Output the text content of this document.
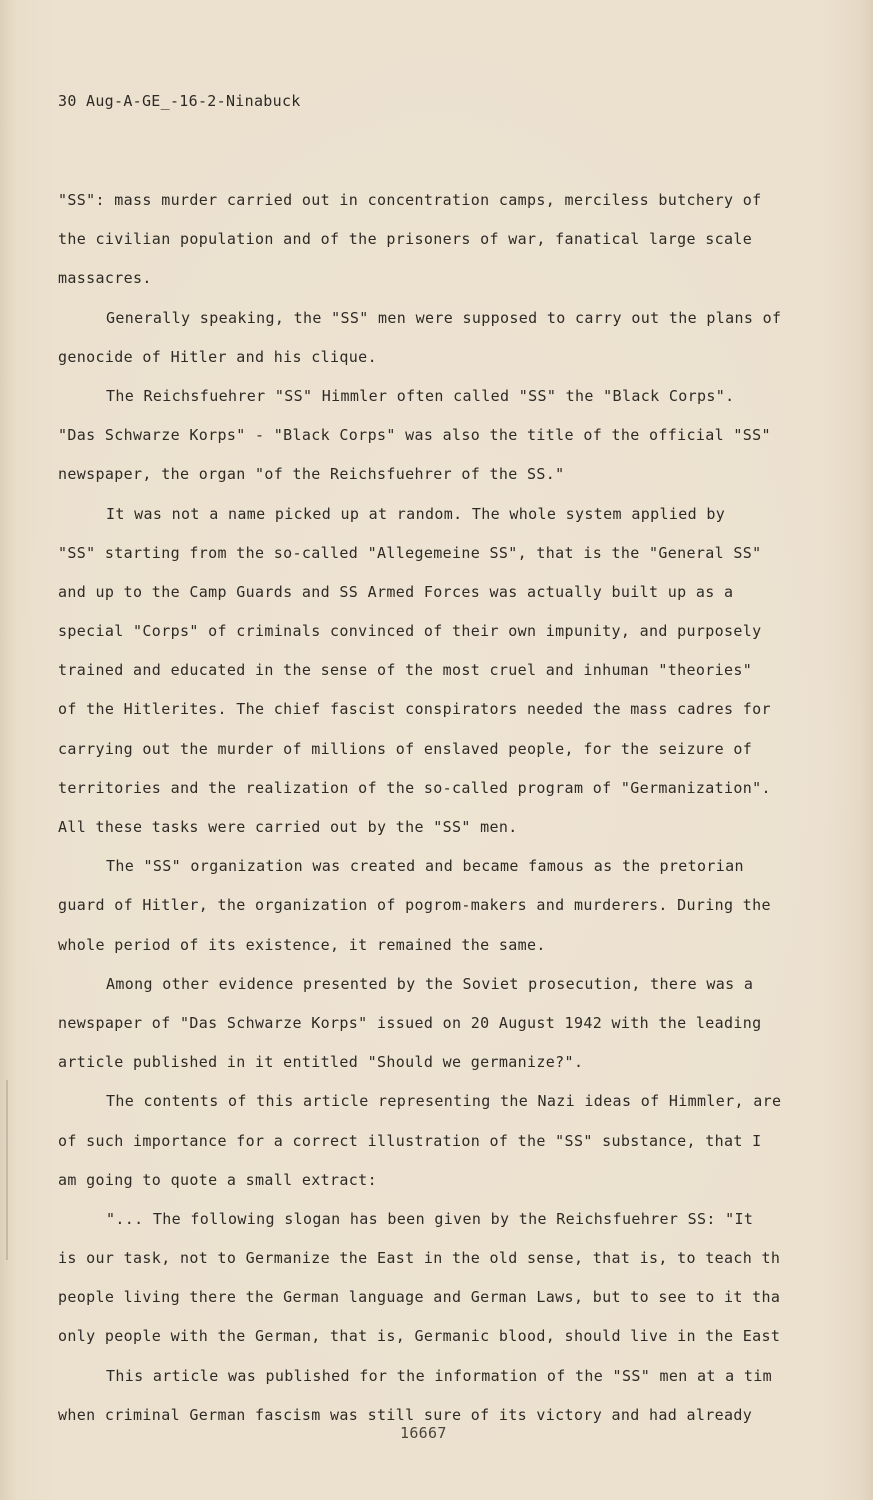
30 Aug-A-GE_-16-2-Ninabuck
"SS": mass murder carried out in concentration camps, merciless butchery of
the civilian population and of the prisoners of war, fanatical large scale
massacres.
Generally speaking, the "SS" men were supposed to carry out the plans of
genocide of Hitler and his clique.
The Reichsfuehrer "SS" Himmler often called "SS" the "Black Corps".
"Das Schwarze Korps" - "Black Corps" was also the title of the official "SS"
newspaper, the organ "of the Reichsfuehrer of the SS."
It was not a name picked up at random. The whole system applied by
"SS" starting from the so-called "Allegemeine SS", that is the "General SS"
and up to the Camp Guards and SS Armed Forces was actually built up as a
special "Corps" of criminals convinced of their own impunity, and purposely
trained and educated in the sense of the most cruel and inhuman "theories"
of the Hitlerites. The chief fascist conspirators needed the mass cadres for
carrying out the murder of millions of enslaved people, for the seizure of
territories and the realization of the so-called program of "Germanization".
All these tasks were carried out by the "SS" men.
The "SS" organization was created and became famous as the pretorian
guard of Hitler, the organization of pogrom-makers and murderers. During the
whole period of its existence, it remained the same.
Among other evidence presented by the Soviet prosecution, there was a
newspaper of "Das Schwarze Korps" issued on 20 August 1942 with the leading
article published in it entitled "Should we germanize?".
The contents of this article representing the Nazi ideas of Himmler, are
of such importance for a correct illustration of the "SS" substance, that I
am going to quote a small extract:
"... The following slogan has been given by the Reichsfuehrer SS: "It
is our task, not to Germanize the East in the old sense, that is, to teach th
people living there the German language and German Laws, but to see to it tha
only people with the German, that is, Germanic blood, should live in the East
This article was published for the information of the "SS" men at a tim
when criminal German fascism was still sure of its victory and had already
16667
